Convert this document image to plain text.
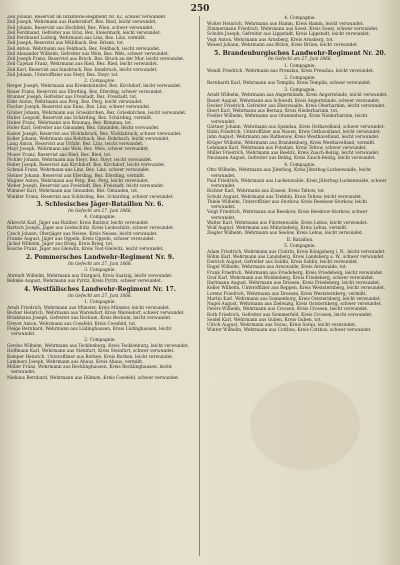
250

Zeil Johann, Reservist im Infanterie-Regiment Nr. 62, schwer verwundet.

Zeil Joseph, Wehrmann aus Hadersdorf, Bez. Ried, leicht verwundet.

Zeil Johann, Reservist aus Hochfeld, Bez. Wien, schwer verwundet.

Zeil Ferdinand, Gefreiter aus Graz, Bez. Steiermark, leicht verwundet.

Zeil Ferdinand Ludwig, Wehrmann aus Linz, Bez. Linz, vermißt.

Zeil Joseph, Reservist aus Mühlbach, Bez. Brixen, tot.

Zeil Anton, Wehrmann aus Feldbach, Bez. Feldbach, leicht verwundet.

Zeil Alexander Wilhelm, Gefreiter aus Wels, Bez. Wels, schwer verwundet.

Zeil Joseph Franz, Reservist aus Bruck, Bez. Bruck an der Mur, leicht verwundet.

Zeil Cajetan Franz, Wehrmann aus Ried, Bez. Ried, leicht verwundet.

Zeil Karl, Reservist aus Innsbruck, Bez. Innsbruck, leicht verwundet.

Zeil Johann, Unteroffizier aus Steyr, Bez. Steyr, tot.

2. Compagnie.

Berger Joseph, Wehrmann aus Kremsmünster, Bez. Kirchdorf, leicht verwundet.

Bauer Franz, Reservist aus Eferding, Bez. Eferding, schwer verwundet.

Brunner Joseph, Gefreiter aus Freistadt, Bez. Freistadt, tot.

Eder Anton, Wehrmann aus Perg, Bez. Perg, leicht verwundet.

Fischer Joseph, Reservist aus Enns, Bez. Linz, schwer verwundet.

Gruber Johann, Wehrmann aus Grieskirchen, Bez. Grieskirchen, leicht verwundet.

Huber Leopold, Reservist aus Schärding, Bez. Schärding, vermißt.

Huber Franz, Wehrmann aus Braunau, Bez. Braunau, tot.

Hofer Karl, Gefreiter aus Gmunden, Bez. Gmunden, leicht verwundet.

Kaiser Joseph, Reservist aus Vöcklabruck, Bez. Vöcklabruck, schwer verwundet.

Koller Johann, Wehrmann aus Rohrbach, Bez. Rohrbach, leicht verwundet.

Lang Anton, Reservist aus Urfahr, Bez. Linz, leicht verwundet.

Mayr Joseph, Wehrmann aus Wels, Bez. Wels, schwer verwundet.

Moser Franz, Reservist aus Ried, Bez. Ried, tot.

Pichler Johann, Wehrmann aus Steyr, Bez. Steyr, leicht verwundet.

Reiter Joseph, Reservist aus Kirchdorf, Bez. Kirchdorf, leicht verwundet.

Schmid Franz, Wehrmann aus Linz, Bez. Linz, schwer verwundet.

Steiner Johann, Reservist aus Eferding, Bez. Eferding, vermißt.

Wagner Anton, Wehrmann aus Perg, Bez. Perg, leicht verwundet.

Weber Joseph, Reservist aus Freistadt, Bez. Freistadt, leicht verwundet.

Wimmer Karl, Wehrmann aus Gmunden, Bez. Gmunden, tot.

Winkler Franz, Reservist aus Schärding, Bez. Schärding, schwer verwundet.

3. Schlesisches Jäger-Bataillon Nr. 6.

Im Gefecht am 27. Juni 1866.

4. Compagnie.

Albrecht Karl, Jäger aus Ratibor, Kreis Ratibor, leicht verwundet.

Bartsch Joseph, Jäger aus Leobschütz, Kreis Leobschütz, schwer verwundet.

Czech Johann, Oberjäger aus Neisse, Kreis Neisse, leicht verwundet.

Franke August, Jäger aus Oppeln, Kreis Oppeln, schwer verwundet.

Jäckel Wilhelm, Jäger aus Brieg, Kreis Brieg, tot.

Kosche Franz, Jäger aus Gleiwitz, Kreis Tost-Gleiwitz, leicht verwundet.

2. Pommersches Landwehr-Regiment Nr. 9.

Im Gefecht am 27. Juni 1866.

3. Compagnie.

Ahrendt Wilhelm, Wehrmann aus Stargard, Kreis Saatzig, leicht verwundet.

Behnke August, Wehrmann aus Pyritz, Kreis Pyritz, schwer verwundet.

4. Westfälisches Landwehr-Regiment Nr. 17.

Im Gefecht am 27. Juni 1866.

1. Compagnie.

Arndt Friedrich, Wehrmann aus Münster, Kreis Münster, leicht verwundet.

Becker Heinrich, Wehrmann aus Warendorf, Kreis Warendorf, schwer verwundet.

Brinkmann Joseph, Gefreiter aus Beckum, Kreis Beckum, leicht verwundet.

Dreyer Anton, Wehrmann aus Coesfeld, Kreis Coesfeld, tot.

Fleige Bernhard, Wehrmann aus Lüdinghausen, Kreis Lüdinghausen, leicht verwundet.

2. Compagnie.

Gerdes Wilhelm, Wehrmann aus Tecklenburg, Kreis Tecklenburg, leicht verwundet.

Hoffmann Karl, Wehrmann aus Steinfurt, Kreis Steinfurt, schwer verwundet.

Kemper Heinrich, Unteroffizier aus Borken, Kreis Borken, leicht verwundet.

Lammers Joseph, Wehrmann aus Ahaus, Kreis Ahaus, vermißt.

Möller Franz, Wehrmann aus Recklinghausen, Kreis Recklinghausen, leicht verwundet.

Niehaus Bernhard, Wehrmann aus Dülmen, Kreis Coesfeld, schwer verwundet.

4. Compagnie.

Wolter Heinrich, Wehrmann aus Hamm, Kreis Hamm, leicht verwundet.

Zimmermann Friedrich, Wehrmann aus Soest, Kreis Soest, schwer verwundet.

Schulte Joseph, Gefreiter aus Lippstadt, Kreis Lippstadt, leicht verwundet.

Vogt Anton, Wehrmann aus Arnsberg, Kreis Arnsberg, tot.

Wessel Johann, Wehrmann aus Brilon, Kreis Brilon, leicht verwundet.

5. Brandenburgisches Landwehr-Regiment Nr. 20.

Im Gefecht am 27. Juni 1866.

1. Compagnie.

Wendt Friedrich, Wehrmann aus Prenzlau, Kreis Prenzlau, leicht verwundet.

2. Compagnie.

Bernhardt Karl, Wehrmann aus Templin, Kreis Templin, schwer verwundet.

3. Compagnie.

Arndt Wilhelm, Wehrmann aus Angermünde, Kreis Angermünde, leicht verwundet.

Bauer August, Wehrmann aus Schwedt, Kreis Angermünde, schwer verwundet.

Decker Friedrich, Gefreiter aus Eberswalde, Kreis Oberbarnim, leicht verwundet.

Ebert Karl, Wehrmann aus Bernau, Kreis Niederbarnim, tot.

Fiedler Wilhelm, Wehrmann aus Oranienburg, Kreis Niederbarnim, leicht verwundet.

Gärtner Johann, Wehrmann aus Spandau, Kreis Osthavelland, schwer verwundet.

Hahn Friedrich, Unteroffizier aus Nauen, Kreis Osthavelland, leicht verwundet.

Jahn August, Wehrmann aus Rathenow, Kreis Westhavelland, leicht verwundet.

Krüger Wilhelm, Wehrmann aus Brandenburg, Kreis Westhavelland, vermißt.

Lehmann Karl, Wehrmann aus Potsdam, Kreis Teltow, schwer verwundet.

Müller Friedrich, Wehrmann aus Beelitz, Kreis Zauch-Belzig, leicht verwundet.

Neumann August, Gefreiter aus Belzig, Kreis Zauch-Belzig, leicht verwundet.

4. Compagnie.

Otto Wilhelm, Wehrmann aus Jüterbog, Kreis Jüterbog-Luckenwalde, leicht verwundet.

Paul Friedrich, Wehrmann aus Luckenwalde, Kreis Jüterbog-Luckenwalde, schwer verwundet.

Richter Karl, Wehrmann aus Zossen, Kreis Teltow, tot.

Schulz August, Wehrmann aus Trebbin, Kreis Teltow, leicht verwundet.

Thiele Wilhelm, Unteroffizier aus Storkow, Kreis Beeskow-Storkow, leicht verwundet.

Voigt Friedrich, Wehrmann aus Beeskow, Kreis Beeskow-Storkow, schwer verwundet.

Walter Karl, Wehrmann aus Fürstenwalde, Kreis Lebus, leicht verwundet.

Wolf August, Wehrmann aus Müncheberg, Kreis Lebus, vermißt.

Ziegler Wilhelm, Wehrmann aus Seelow, Kreis Lebus, leicht verwundet.

II. Bataillon.

5. Compagnie.

Adam Friedrich, Wehrmann aus Cüstrin, Kreis Königsberg i. N., leicht verwundet.

Böhm Karl, Wehrmann aus Landsberg, Kreis Landsberg a. W., schwer verwundet.

Dietrich August, Gefreiter aus Soldin, Kreis Soldin, leicht verwundet.

Engel Wilhelm, Wehrmann aus Arnswalde, Kreis Arnswalde, tot.

Frank Friedrich, Wehrmann aus Friedeberg, Kreis Friedeberg, leicht verwundet.

Graf Karl, Wehrmann aus Woldenberg, Kreis Friedeberg, schwer verwundet.

Hartmann August, Wehrmann aus Driesen, Kreis Friedeberg, leicht verwundet.

Keller Wilhelm, Unteroffizier aus Reppen, Kreis Weststernberg, leicht verwundet.

Lorenz Friedrich, Wehrmann aus Drossen, Kreis Weststernberg, vermißt.

Martin Karl, Wehrmann aus Sonnenburg, Kreis Oststernberg, leicht verwundet.

Nagel August, Wehrmann aus Zielenzig, Kreis Oststernberg, schwer verwundet.

Peters Wilhelm, Wehrmann aus Crossen, Kreis Crossen, leicht verwundet.

Roth Friedrich, Gefreiter aus Sommerfeld, Kreis Crossen, leicht verwundet.

Seidel Karl, Wehrmann aus Guben, Kreis Guben, tot.

Ulrich August, Wehrmann aus Sorau, Kreis Sorau, leicht verwundet.

Winter Wilhelm, Wehrmann aus Cottbus, Kreis Cottbus, schwer verwundet.
